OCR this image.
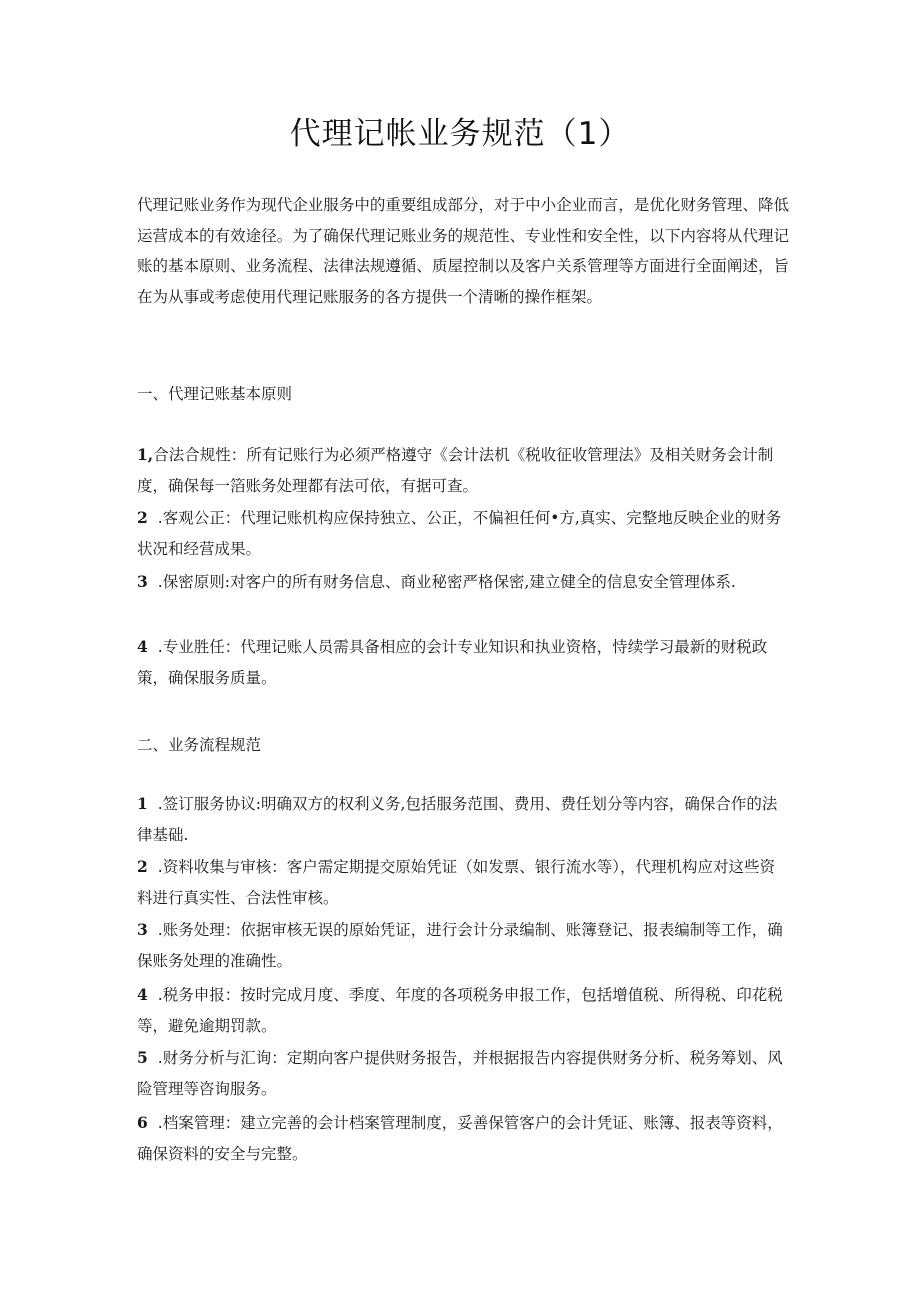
代理记帐业务规范（1）

代理记账业务作为现代企业服务中的重要组成部分，对于中小企业而言，是优化财务管理、降低运营成本的有效途径。为了确保代理记账业务的规范性、专业性和安全性，以下内容将从代理记账的基本原则、业务流程、法律法规遵循、质屋控制以及客户关系管理等方面进行全面阐述，旨在为从事或考虑使用代理记账服务的各方提供一个清晰的操作框架。

一、代理记账基本原则

1,合法合规性：所有记账行为必须严格遵守《会计法机《税收征收管理法》及相关财务会计制度，确保每一箔账务处理都有法可依，有据可查。

2 .客观公正：代理记账机构应保持独立、公正，不偏袒任何•方,真实、完整地反映企业的财务状况和经营成果。

3 .保密原则:对客户的所有财务信息、商业秘密严格保密,建立健全的信息安全管理体系.

4 .专业胜任：代理记账人员需具备相应的会计专业知识和执业资格，恃续学习最新的财税政策，确保服务质量。

二、业务流程规范

1 .签订服务协议:明确双方的权利义务,包括服务范围、费用、费任划分等内容，确保合作的法律基础.

2 .资料收集与审核：客户需定期提交原始凭证（如发票、银行流水等），代理机构应对这些资料进行真实性、合法性审核。

3 .账务处理：依据审核无误的原始凭证，进行会计分录编制、账簿登记、报表编制等工作，确保账务处理的准确性。

4 .税务申报：按时完成月度、季度、年度的各项税务申报工作，包括增值税、所得税、印花税等，避免逾期罚款。

5 .财务分析与汇询：定期向客户提供财务报告，并根据报告内容提供财务分析、税务筹划、风险管理等咨询服务。

6 .档案管理：建立完善的会计档案管理制度，妥善保管客户的会计凭证、账簿、报表等资料，确保资料的安全与完整。
